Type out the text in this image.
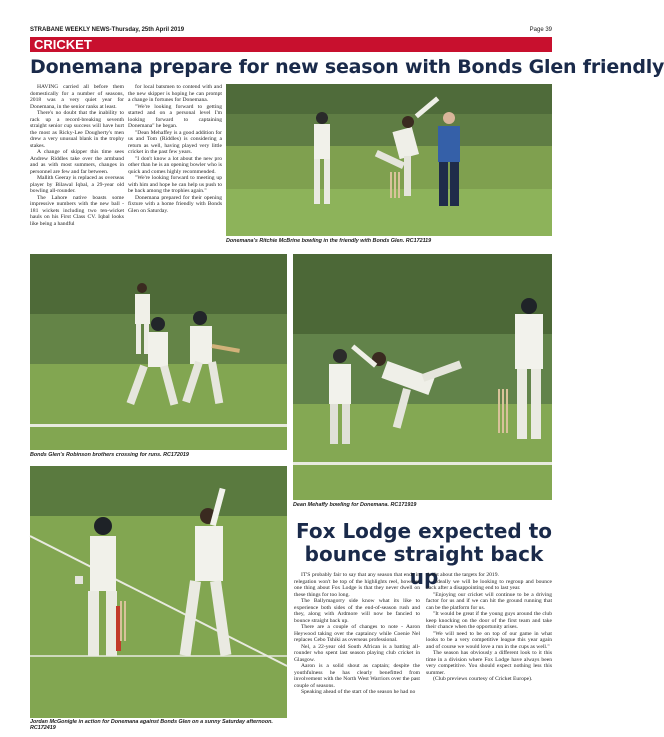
STRABANE WEEKLY NEWS-Thursday, 25th April 2019	Page 39
CRICKET
Donemana prepare for new season with Bonds Glen friendly

HAVING carried all before them domestically for a number of seasons, 2018 was a very quiet year for Donemana, in the senior ranks at least.

There's no doubt that the inability to rack up a record-breaking seventh straight senior cup success will have hurt the most as Ricky-Lee Dougherty's men drew a very unusual blank in the trophy stakes.

A change of skipper this time sees Andrew Riddles take over the armband and as with most summers, changes in personnel are few and far between.

Mallith Geeray is replaced as overseas player by Bilawal Iqbal, a 29-year old bowling all-rounder.

The Lahore native boasts some impressive numbers with the new ball - 181 wickets including two ten-wicket hauls on his First Class CV. Iqbal looks like being a handful

for local batsmen to contend with and the new skipper is hoping he can prompt a change in fortunes for Donemana.

"We're looking forward to getting started and on a personal level I'm looking forward to captaining Donemana" he began.

"Dean Mehaffey is a good addition for us and Tom (Riddles) is considering a return as well, having played very little cricket in the past few years.

"I don't know a lot about the new pro other than he is an opening bowler who is quick and comes highly recommended.

"We're looking forward to meeting up with him and hope he can help us push to be back among the trophies again."

Donemana prepared for their opening fixture with a home friendly with Bonds Glen on Saturday.

Donemana's Ritchie McBrine bowling in the friendly with Bonds Glen. RC172119
Bonds Glen's Robinson brothers crossing for runs. RC172019
Dean Mehaffy bowling for Donemana. RC171919
Jordan McGonigle in action for Donemana against Bonds Glen on a sunny Saturday afternoon. RC172419
Fox Lodge expected to bounce straight back up

IT'S probably fair to say that any season that ends in relegation won't be top of the highlights reel, however one thing about Fox Lodge is that they never dwell on these things for too long.

The Ballymagorry side know what its like to experience both sides of the end-of-season rush and they, along with Ardmore will now be fancied to bounce straight back up.

There are a couple of changes to note - Aaron Heywood taking over the captaincy while Coenie Nel replaces Cebo Tshiki as overseas professional.

Nel, a 22-year old South African is a batting all-rounder who spent last season playing club cricket in Glasgow.

Aaron is a solid shout as captain; despite the youthfulness he has clearly benefitted from involvement with the North West Warriors over the past couple of seasons.

Speaking ahead of the start of the season he had no

doubt about the targets for 2019.

"Ideally we will be looking to regroup and bounce back after a disappointing end to last year.

"Enjoying our cricket will continue to be a driving factor for us and if we can hit the ground running that can be the platform for us.

"It would be great if the young guys around the club keep knocking on the door of the first team and take their chance when the opportunity arises.

"We will need to be on top of our game in what looks to be a very competitive league this year again and of course we would love a run in the cups as well."

The season has obviously a different look to it this time in a division where Fox Lodge have always been very competitive. You should expect nothing less this summer.

(Club previews courtesy of Cricket Europe).
